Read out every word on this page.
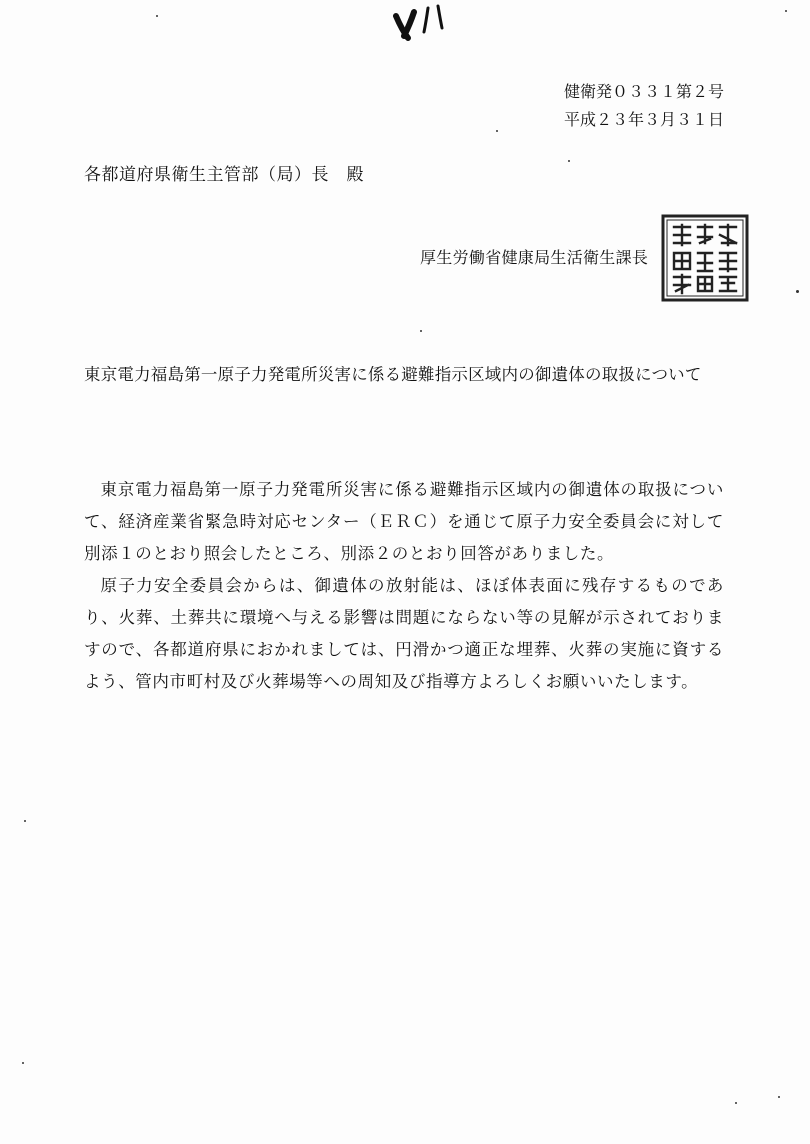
健衛発０３３１第２号
平成２３年３月３１日
各都道府県衛生主管部（局）長　殿
厚生労働省健康局生活衛生課長
東京電力福島第一原子力発電所災害に係る避難指示区域内の御遺体の取扱について

東京電力福島第一原子力発電所災害に係る避難指示区域内の御遺体の取扱について、経済産業省緊急時対応センター（ＥＲＣ）を通じて原子力安全委員会に対して別添１のとおり照会したところ、別添２のとおり回答がありました。

原子力安全委員会からは、御遺体の放射能は、ほぼ体表面に残存するものであり、火葬、土葬共に環境へ与える影響は問題にならない等の見解が示されておりますので、各都道府県におかれましては、円滑かつ適正な埋葬、火葬の実施に資するよう、管内市町村及び火葬場等への周知及び指導方よろしくお願いいたします。
